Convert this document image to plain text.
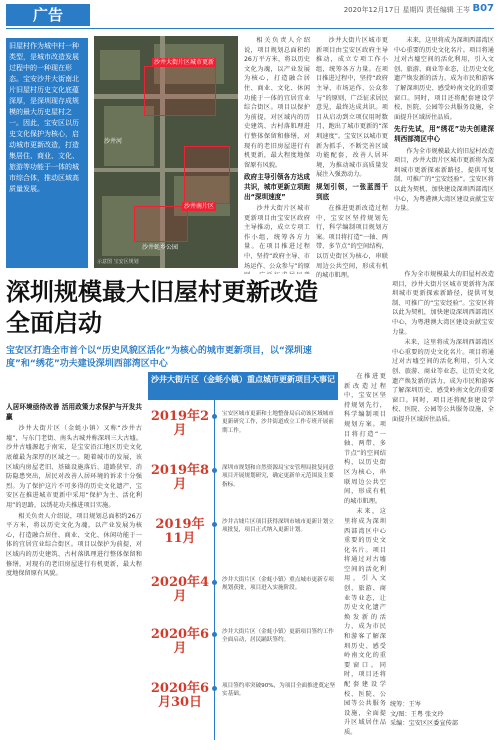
广告	2020年12月17日 星期四 责任编辑 王岑 B07
旧屋村作为城中村一种类型，是城市改造发展过程中的一种现在形态。宝安沙井大街南北片旧屋村历史文化底蕴深厚，是深圳现存成规模的最大历史屋村之一。因此，宝安区以历史文化保护为核心，启动城市更新改造，打造集居住、商业、文化、旅游等功能于一体的城市综合体，推动区域高质量发展。
沙井大街片区城市更新
沙井南片区
沙井河
沙井蚝乡公园
示意图 宝安区规划

相关负责人介绍说，项目规划总面积约26万平方米，将以历史文化为魂，以产业发展为核心，打造融合居住、商业、文化、休闲功能于一体的宜居宜业综合街区。项目以保护为前提，对区域内的历史建筑、古村落肌理进行整体保留和修缮，对现有的老旧房屋进行有机更新，最大程度地保留原有风貌。

政府主导引领各方达成共识，城市更新立项跑出“深圳速度”

沙井大街片区城市更新项目由宝安区政府主导推动，成立专项工作小组，统筹各方力量。在项目推进过程中，坚持“政府主导、市场运作、公众参与”的原

沙井大街片区城市更新项目由宝安区政府主导推动，成立专项工作小组，统筹各方力量。在项目推进过程中，坚持“政府主导、市场运作、公众参与”的原则，广泛征求居民意见，最终达成共识。项目从启动到立项仅用时数月，跑出了城市更新的“深圳速度”。宝安区以城市更新为抓手，不断完善区域功能配套，改善人居环境，为推动城市高质量发展注入强劲动力。

规划引领，一张蓝图干到底

在推进更新改造过程中，宝安区坚持规划先行，科学编制项目规划方案。项目将打造“一轴、两带、多节点”的空间结构，以历史街区为核心，串联周边公共空间，形成有机的城市肌理。

未来，这里将成为深圳西部湾区中心重要的历史文化名片。项目将通过对古墟空间的活化利用，引入文创、旅游、商业等业态，让历史文化遗产焕发新的活力，成为市民和游客了解深圳历史、感受岭南文化的重要窗口。同时，项目还将配套建设学校、医院、公园等公共服务设施，全面提升区域居住品质。

先行先试，用“绣花”功夫创建深圳西部湾区中心

作为全市规模最大的旧屋村改造项目，沙井大街片区城市更新将为深圳城市更新探索新路径，提供可复制、可推广的“宝安经验”。宝安区将以此为契机，加快建设深圳西部湾区中心，为粤港澳大湾区建设贡献宝安力量。

深圳规模最大旧屋村更新改造全面启动

宝安区打造全市首个以“历史风貌区活化”为核心的城市更新项目，以“深圳速度”和“绣花”功夫建设深圳西部湾区中心

人居环境亟待改善 活用政策力求保护与开发共赢

沙井大街片区（金蚝小镇）又称“沙井古墟”，与东门老街、南头古城并称深圳三大古墟。沙井古墟源起于南宋，是宝安沿江地区历史文化底蕴最为深厚的区域之一。随着城市的发展，该区域内房屋老旧、基础设施落后、道路狭窄、消防隐患突出，居民对改善人居环境的诉求十分强烈。为了保护这片不可多得的历史文化遗产，宝安区在推进城市更新中采用“保护为主、活化利用”的思路，以绣花功夫推进项目实施。

相关负责人介绍说，项目规划总面积约26万平方米，将以历史文化为魂，以产业发展为核心，打造融合居住、商业、文化、休闲功能于一体的宜居宜业综合街区。项目以保护为前提，对区域内的历史建筑、古村落肌理进行整体保留和修缮，对现有的老旧房屋进行有机更新，最大程度地保留原有风貌。

沙井大街片区（金蚝小镇）重点城市更新项目大事记
2019年2月
宝安区城市更新和土地整备局启动该区域城市更新研究工作，沙井街道成立工作专班开展前期工作。
2019年8月
深圳市规划和自然资源局宝安管理局批复同意项目开展规划研究，确定更新单元范围及主要指标。
2019年11月
沙井古墟片区项目获得深圳市城市更新计划立项批复，项目正式纳入更新计划。
2020年4月
沙井大街片区（金蚝小镇）重点城市更新专项规划获批，项目进入实施阶段。
2020年6月
沙井大街片区（金蚝小镇）更新项目签约工作全面启动，居民踊跃签约。
2020年6月30日
项目签约率突破90%，为项目全面推进奠定坚实基础。

在推进更新改造过程中，宝安区坚持规划先行，科学编制项目规划方案。项目将打造“一轴、两带、多节点”的空间结构，以历史街区为核心，串联周边公共空间，形成有机的城市肌理。

未来，这里将成为深圳西部湾区中心重要的历史文化名片。项目将通过对古墟空间的活化利用，引入文创、旅游、商业等业态，让历史文化遗产焕发新的活力，成为市民和游客了解深圳历史、感受岭南文化的重要窗口。同时，项目还将配套建设学校、医院、公园等公共服务设施，全面提升区域居住品质。

作为全市规模最大的旧屋村改造项目，沙井大街片区城市更新将为深圳城市更新探索新路径，提供可复制、可推广的“宝安经验”。宝安区将以此为契机，加快建设深圳西部湾区中心，为粤港澳大湾区建设贡献宝安力量。

未来，这里将成为深圳西部湾区中心重要的历史文化名片。项目将通过对古墟空间的活化利用，引入文创、旅游、商业等业态，让历史文化遗产焕发新的活力，成为市民和游客了解深圳历史、感受岭南文化的重要窗口。同时，项目还将配套建设学校、医院、公园等公共服务设施，全面提升区域居住品质。

统筹：王岑
文/图：王粤 张文玲
采编：宝安区区委宣传部
